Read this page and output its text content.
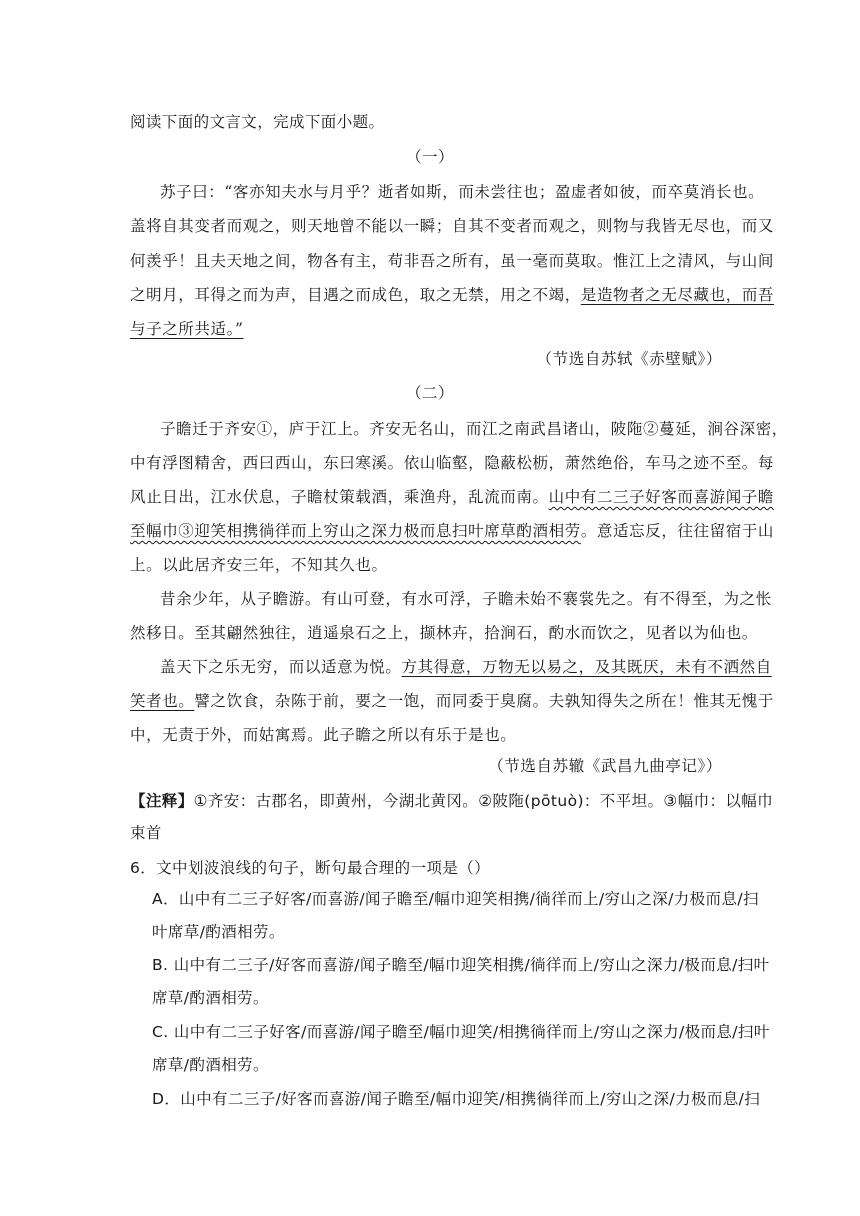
阅读下面的文言文，完成下面小题。
（一）
苏子曰：“客亦知夫水与月乎？逝者如斯，而未尝往也；盈虚者如彼，而卒莫消长也。
盖将自其变者而观之，则天地曾不能以一瞬；自其不变者而观之，则物与我皆无尽也，而又
何羡乎！且夫天地之间，物各有主，苟非吾之所有，虽一毫而莫取。惟江上之清风，与山间
之明月，耳得之而为声，目遇之而成色，取之无禁，用之不竭，是造物者之无尽藏也，而吾
与子之所共适。”
（节选自苏轼《赤壁赋》）
（二）
子瞻迁于齐安①，庐于江上。齐安无名山，而江之南武昌诸山，陂陁②蔓延，涧谷深密，
中有浮图精舍，西曰西山，东曰寒溪。依山临壑，隐蔽松枥，萧然绝俗，车马之迹不至。每
风止日出，江水伏息，子瞻杖策载酒，乘渔舟，乱流而南。山中有二三子好客而喜游闻子瞻
至幅巾③迎笑相携徜徉而上穷山之深力极而息扫叶席草酌酒相劳。意适忘反，往往留宿于山
上。以此居齐安三年，不知其久也。
昔余少年，从子瞻游。有山可登，有水可浮，子瞻未始不褰裳先之。有不得至，为之怅
然移日。至其翩然独往，逍遥泉石之上，撷林卉，拾涧石，酌水而饮之，见者以为仙也。
盖天下之乐无穷，而以适意为悦。方其得意，万物无以易之，及其既厌，未有不洒然自
笑者也。譬之饮食，杂陈于前，要之一饱，而同委于臭腐。夫孰知得失之所在！惟其无愧于
中，无责于外，而姑寓焉。此子瞻之所以有乐于是也。
（节选自苏辙《武昌九曲亭记》）
【注释】①齐安：古郡名，即黄州，今湖北黄冈。②陂陁(pōtuò)：不平坦。③幅巾：以幅巾
束首
6．文中划波浪线的句子，断句最合理的一项是（）
A．山中有二三子好客/而喜游/闻子瞻至/幅巾迎笑相携/徜徉而上/穷山之深/力极而息/扫
叶席草/酌酒相劳。
B. 山中有二三子/好客而喜游/闻子瞻至/幅巾迎笑相携/徜徉而上/穷山之深力/极而息/扫叶
席草/酌酒相劳。
C. 山中有二三子好客/而喜游/闻子瞻至/幅巾迎笑/相携徜徉而上/穷山之深力/极而息/扫叶
席草/酌酒相劳。
D．山中有二三子/好客而喜游/闻子瞻至/幅巾迎笑/相携徜徉而上/穷山之深/力极而息/扫
